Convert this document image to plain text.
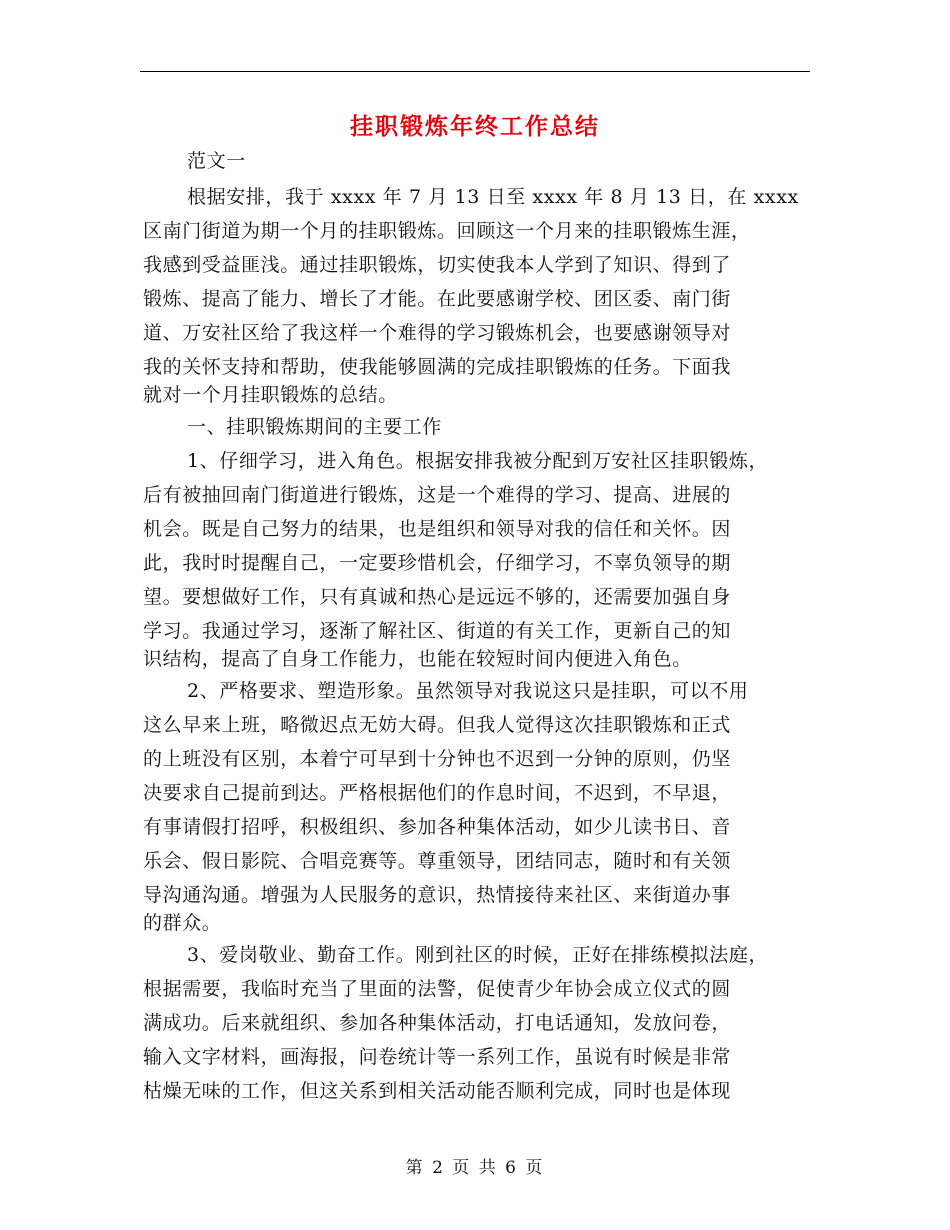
挂职锻炼年终工作总结
范文一
根据安排，我于 xxxx 年 7 月 13 日至 xxxx 年 8 月 13 日，在 xxxx
区南门街道为期一个月的挂职锻炼。回顾这一个月来的挂职锻炼生涯，
我感到受益匪浅。通过挂职锻炼，切实使我本人学到了知识、得到了
锻炼、提高了能力、增长了才能。在此要感谢学校、团区委、南门街
道、万安社区给了我这样一个难得的学习锻炼机会，也要感谢领导对
我的关怀支持和帮助，使我能够圆满的完成挂职锻炼的任务。下面我
就对一个月挂职锻炼的总结。
一、挂职锻炼期间的主要工作
1、仔细学习，进入角色。根据安排我被分配到万安社区挂职锻炼，
后有被抽回南门街道进行锻炼，这是一个难得的学习、提高、进展的
机会。既是自己努力的结果，也是组织和领导对我的信任和关怀。因
此，我时时提醒自己，一定要珍惜机会，仔细学习，不辜负领导的期
望。要想做好工作，只有真诚和热心是远远不够的，还需要加强自身
学习。我通过学习，逐渐了解社区、街道的有关工作，更新自己的知
识结构，提高了自身工作能力，也能在较短时间内便进入角色。
2、严格要求、塑造形象。虽然领导对我说这只是挂职，可以不用
这么早来上班，略微迟点无妨大碍。但我人觉得这次挂职锻炼和正式
的上班没有区别，本着宁可早到十分钟也不迟到一分钟的原则，仍坚
决要求自己提前到达。严格根据他们的作息时间，不迟到，不早退，
有事请假打招呼，积极组织、参加各种集体活动，如少儿读书日、音
乐会、假日影院、合唱竞赛等。尊重领导，团结同志，随时和有关领
导沟通沟通。增强为人民服务的意识，热情接待来社区、来街道办事
的群众。
3、爱岗敬业、勤奋工作。刚到社区的时候，正好在排练模拟法庭，
根据需要，我临时充当了里面的法警，促使青少年协会成立仪式的圆
满成功。后来就组织、参加各种集体活动，打电话通知，发放问卷，
输入文字材料，画海报，问卷统计等一系列工作，虽说有时候是非常
枯燥无味的工作，但这关系到相关活动能否顺利完成，同时也是体现
第 2 页 共 6 页
